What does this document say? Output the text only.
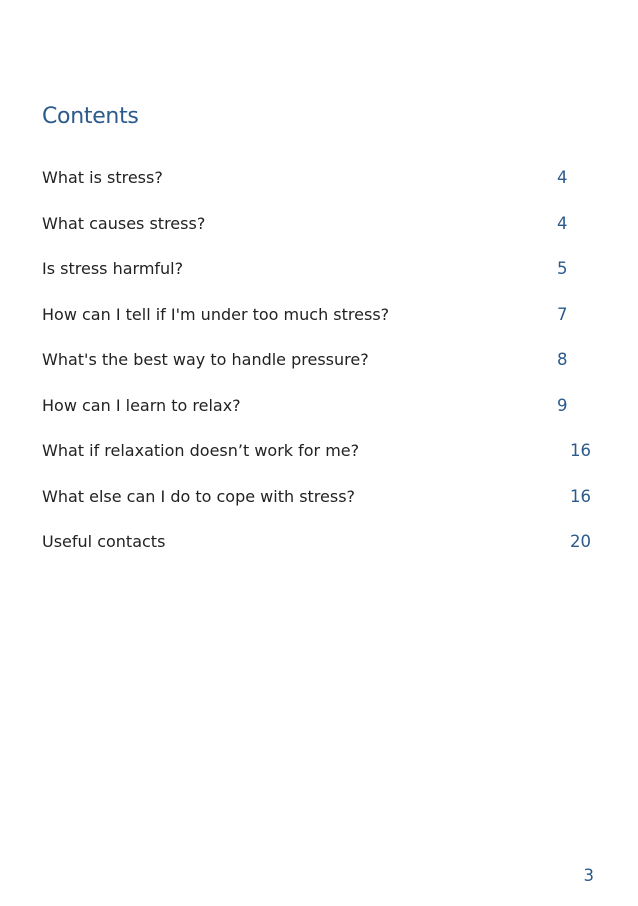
Contents
What is stress?	4
What causes stress?	4
Is stress harmful?	5
How can I tell if I'm under too much stress?	7
What's the best way to handle pressure?	8
How can I learn to relax?	9
What if relaxation doesn’t work for me?	16
What else can I do to cope with stress?	16
Useful contacts	20
3
